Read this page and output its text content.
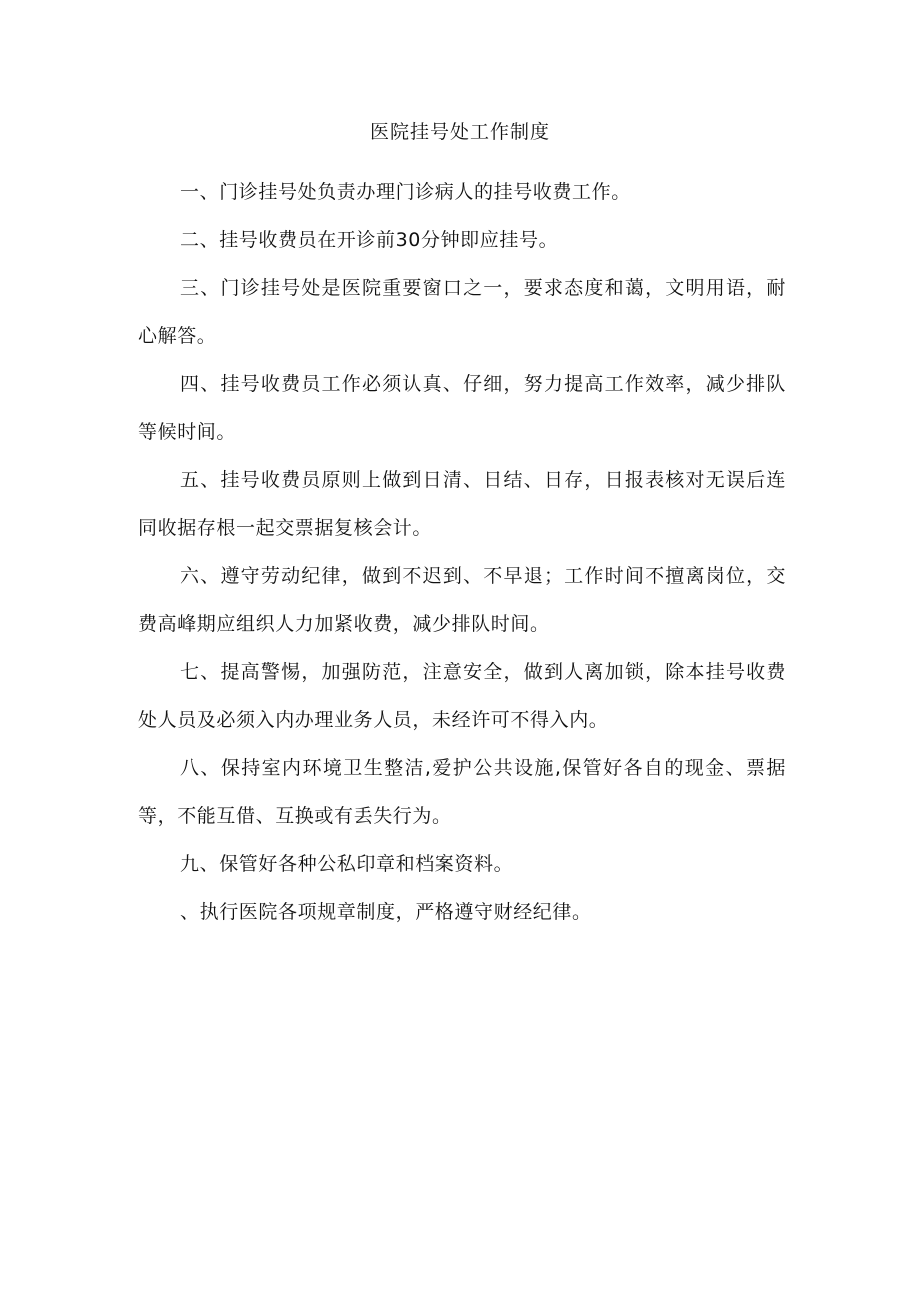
医院挂号处工作制度

一、门诊挂号处负责办理门诊病人的挂号收费工作。

二、挂号收费员在开诊前30分钟即应挂号。

三、门诊挂号处是医院重要窗口之一，要求态度和蔼，文明用语，耐心解答。

四、挂号收费员工作必须认真、仔细，努力提高工作效率，减少排队等候时间。

五、挂号收费员原则上做到日清、日结、日存，日报表核对无误后连同收据存根一起交票据复核会计。

六、遵守劳动纪律，做到不迟到、不早退；工作时间不擅离岗位，交费高峰期应组织人力加紧收费，减少排队时间。

七、提高警惕，加强防范，注意安全，做到人离加锁，除本挂号收费处人员及必须入内办理业务人员，未经许可不得入内。

八、保持室内环境卫生整洁,爱护公共设施,保管好各自的现金、票据等，不能互借、互换或有丢失行为。

九、保管好各种公私印章和档案资料。

、执行医院各项规章制度，严格遵守财经纪律。
